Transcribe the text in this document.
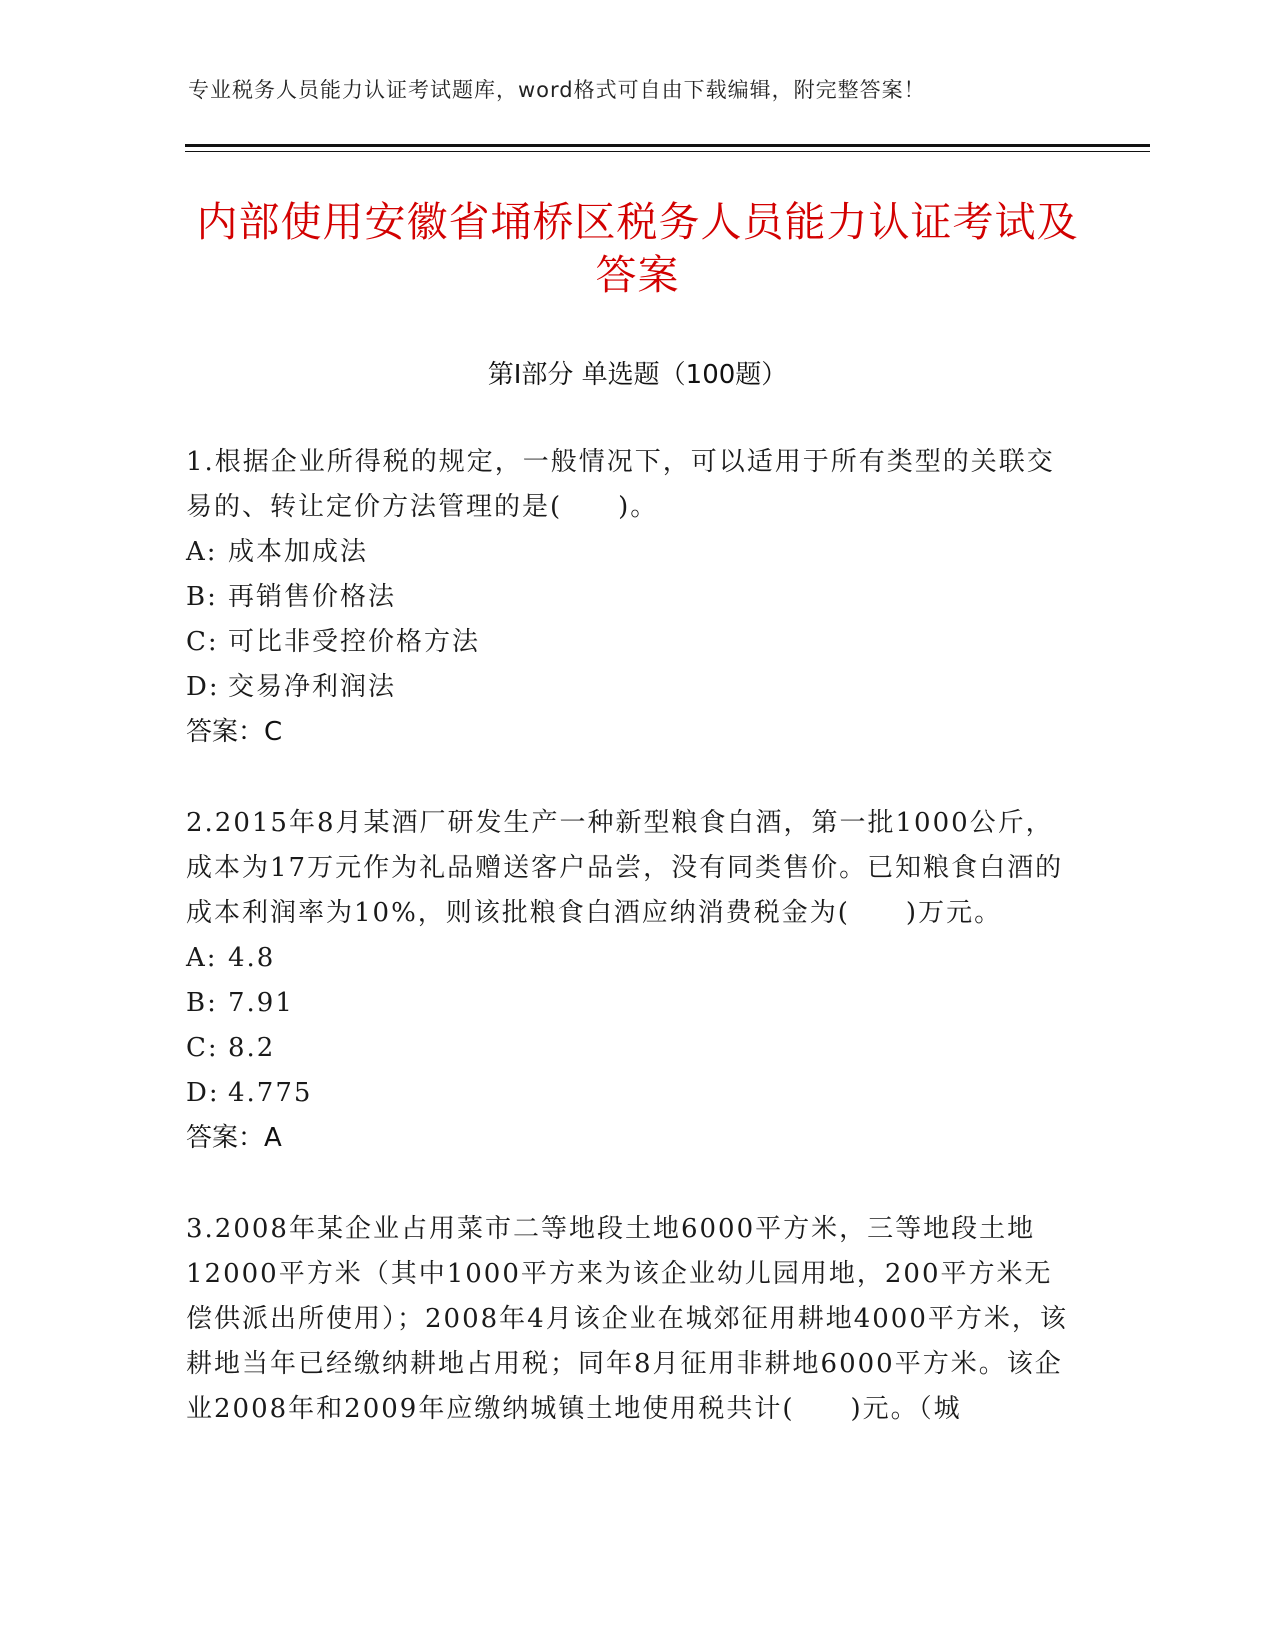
专业税务人员能力认证考试题库，word格式可自由下载编辑，附完整答案！
内部使用安徽省埇桥区税务人员能力认证考试及答案
第Ⅰ部分 单选题（100题）

1.根据企业所得税的规定，一般情况下，可以适用于所有类型的关联交易的、转让定价方法管理的是(　　)。

A: 成本加成法
B: 再销售价格法
C: 可比非受控价格方法
D: 交易净利润法
答案：C

2.2015年8月某酒厂研发生产一种新型粮食白酒，第一批1000公斤，成本为17万元作为礼品赠送客户品尝，没有同类售价。已知粮食白酒的成本利润率为10%，则该批粮食白酒应纳消费税金为(　　)万元。

A: 4.8
B: 7.91
C: 8.2
D: 4.775
答案：A

3.2008年某企业占用菜市二等地段土地6000平方米，三等地段土地12000平方米（其中1000平方来为该企业幼儿园用地，200平方米无偿供派出所使用）；2008年4月该企业在城郊征用耕地4000平方米，该耕地当年已经缴纳耕地占用税；同年8月征用非耕地6000平方米。该企业2008年和2009年应缴纳城镇土地使用税共计(　　)元。（城
